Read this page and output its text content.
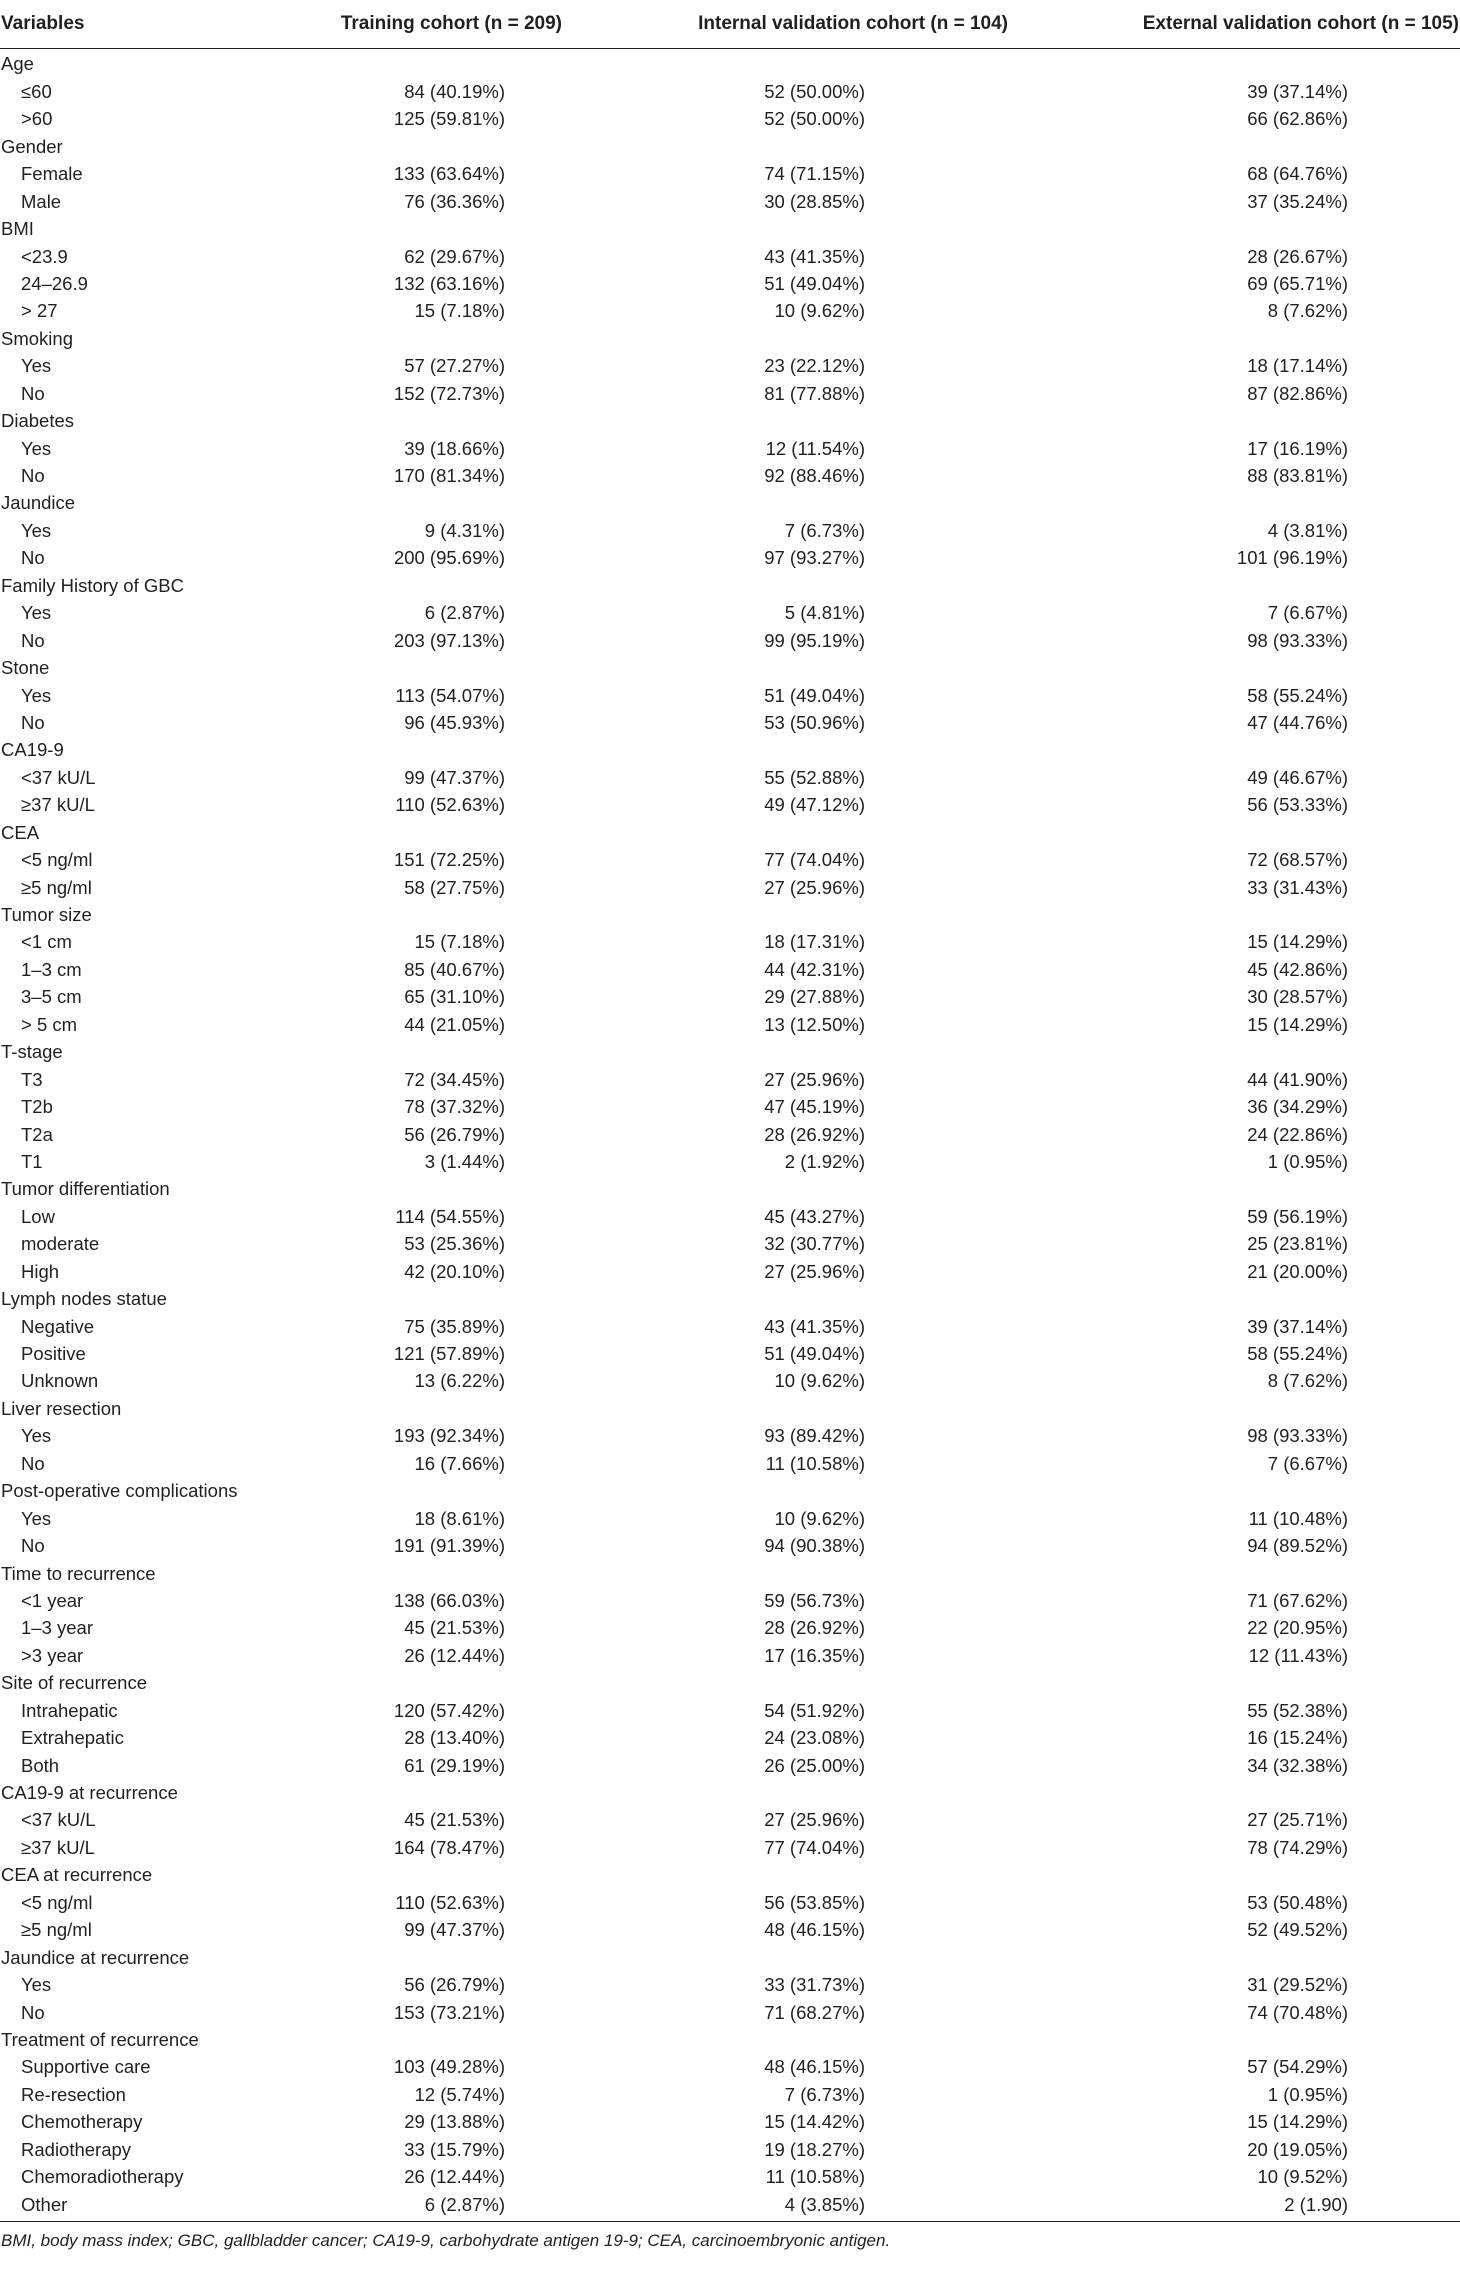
Variables	Training cohort (n = 209)	Internal validation cohort (n = 104)	External validation cohort (n = 105)
Age			
≤60	84 (40.19%)	52 (50.00%)	39 (37.14%)
>60	125 (59.81%)	52 (50.00%)	66 (62.86%)
Gender			
Female	133 (63.64%)	74 (71.15%)	68 (64.76%)
Male	76 (36.36%)	30 (28.85%)	37 (35.24%)
BMI			
<23.9	62 (29.67%)	43 (41.35%)	28 (26.67%)
24–26.9	132 (63.16%)	51 (49.04%)	69 (65.71%)
> 27	15 (7.18%)	10 (9.62%)	8 (7.62%)
Smoking			
Yes	57 (27.27%)	23 (22.12%)	18 (17.14%)
No	152 (72.73%)	81 (77.88%)	87 (82.86%)
Diabetes			
Yes	39 (18.66%)	12 (11.54%)	17 (16.19%)
No	170 (81.34%)	92 (88.46%)	88 (83.81%)
Jaundice			
Yes	9 (4.31%)	7 (6.73%)	4 (3.81%)
No	200 (95.69%)	97 (93.27%)	101 (96.19%)
Family History of GBC			
Yes	6 (2.87%)	5 (4.81%)	7 (6.67%)
No	203 (97.13%)	99 (95.19%)	98 (93.33%)
Stone			
Yes	113 (54.07%)	51 (49.04%)	58 (55.24%)
No	96 (45.93%)	53 (50.96%)	47 (44.76%)
CA19-9			
<37 kU/L	99 (47.37%)	55 (52.88%)	49 (46.67%)
≥37 kU/L	110 (52.63%)	49 (47.12%)	56 (53.33%)
CEA			
<5 ng/ml	151 (72.25%)	77 (74.04%)	72 (68.57%)
≥5 ng/ml	58 (27.75%)	27 (25.96%)	33 (31.43%)
Tumor size			
<1 cm	15 (7.18%)	18 (17.31%)	15 (14.29%)
1–3 cm	85 (40.67%)	44 (42.31%)	45 (42.86%)
3–5 cm	65 (31.10%)	29 (27.88%)	30 (28.57%)
> 5 cm	44 (21.05%)	13 (12.50%)	15 (14.29%)
T-stage			
T3	72 (34.45%)	27 (25.96%)	44 (41.90%)
T2b	78 (37.32%)	47 (45.19%)	36 (34.29%)
T2a	56 (26.79%)	28 (26.92%)	24 (22.86%)
T1	3 (1.44%)	2 (1.92%)	1 (0.95%)
Tumor differentiation			
Low	114 (54.55%)	45 (43.27%)	59 (56.19%)
moderate	53 (25.36%)	32 (30.77%)	25 (23.81%)
High	42 (20.10%)	27 (25.96%)	21 (20.00%)
Lymph nodes statue			
Negative	75 (35.89%)	43 (41.35%)	39 (37.14%)
Positive	121 (57.89%)	51 (49.04%)	58 (55.24%)
Unknown	13 (6.22%)	10 (9.62%)	8 (7.62%)
Liver resection			
Yes	193 (92.34%)	93 (89.42%)	98 (93.33%)
No	16 (7.66%)	11 (10.58%)	7 (6.67%)
Post-operative complications			
Yes	18 (8.61%)	10 (9.62%)	11 (10.48%)
No	191 (91.39%)	94 (90.38%)	94 (89.52%)
Time to recurrence			
<1 year	138 (66.03%)	59 (56.73%)	71 (67.62%)
1–3 year	45 (21.53%)	28 (26.92%)	22 (20.95%)
>3 year	26 (12.44%)	17 (16.35%)	12 (11.43%)
Site of recurrence			
Intrahepatic	120 (57.42%)	54 (51.92%)	55 (52.38%)
Extrahepatic	28 (13.40%)	24 (23.08%)	16 (15.24%)
Both	61 (29.19%)	26 (25.00%)	34 (32.38%)
CA19-9 at recurrence			
<37 kU/L	45 (21.53%)	27 (25.96%)	27 (25.71%)
≥37 kU/L	164 (78.47%)	77 (74.04%)	78 (74.29%)
CEA at recurrence			
<5 ng/ml	110 (52.63%)	56 (53.85%)	53 (50.48%)
≥5 ng/ml	99 (47.37%)	48 (46.15%)	52 (49.52%)
Jaundice at recurrence			
Yes	56 (26.79%)	33 (31.73%)	31 (29.52%)
No	153 (73.21%)	71 (68.27%)	74 (70.48%)
Treatment of recurrence			
Supportive care	103 (49.28%)	48 (46.15%)	57 (54.29%)
Re-resection	12 (5.74%)	7 (6.73%)	1 (0.95%)
Chemotherapy	29 (13.88%)	15 (14.42%)	15 (14.29%)
Radiotherapy	33 (15.79%)	19 (18.27%)	20 (19.05%)
Chemoradiotherapy	26 (12.44%)	11 (10.58%)	10 (9.52%)
Other	6 (2.87%)	4 (3.85%)	2 (1.90)
BMI, body mass index; GBC, gallbladder cancer; CA19-9, carbohydrate antigen 19-9; CEA, carcinoembryonic antigen.
